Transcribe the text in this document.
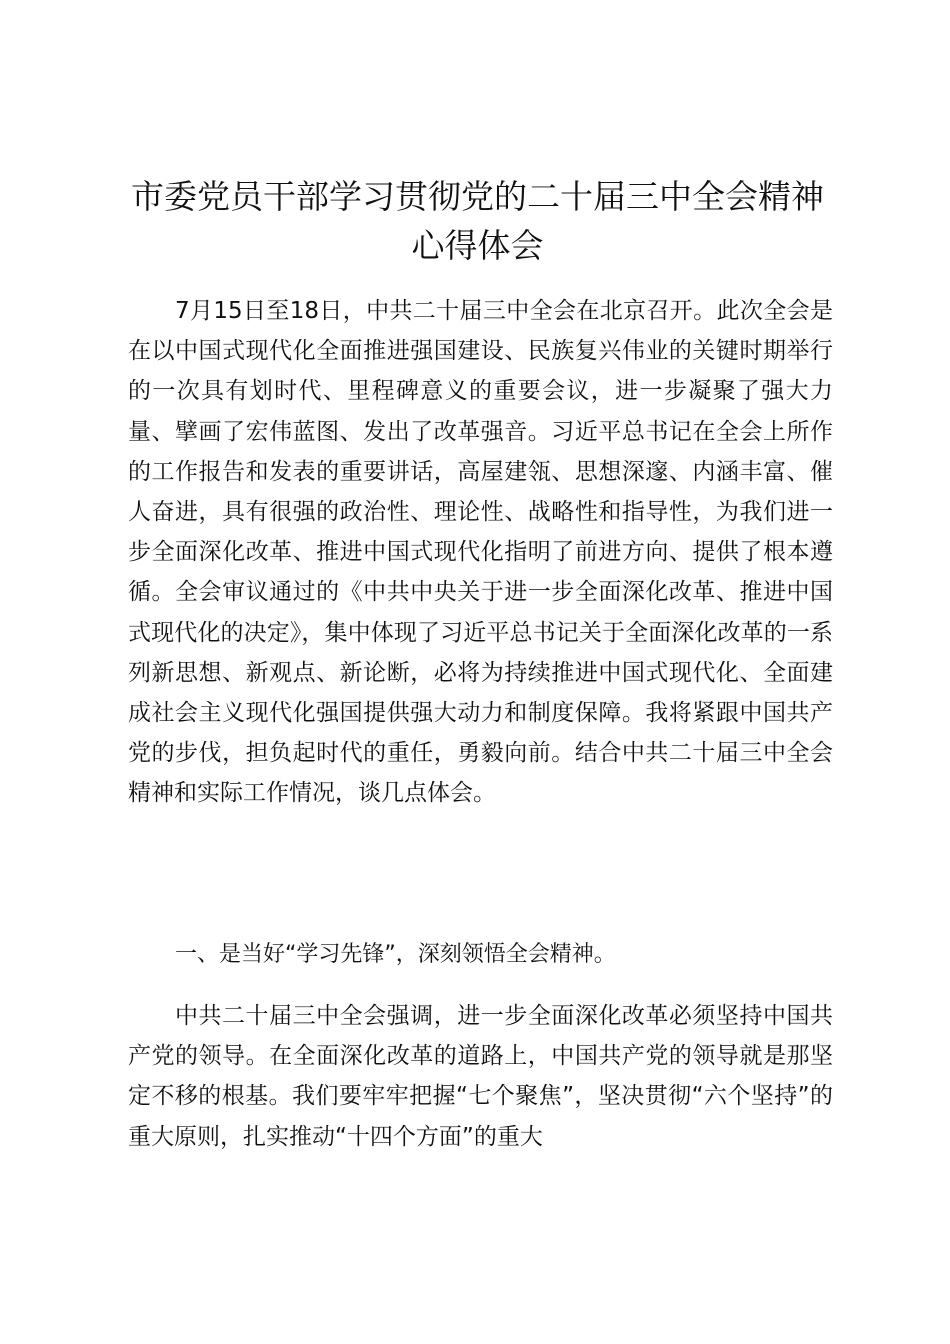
市委党员干部学习贯彻党的二十届三中全会精神心得体会

7月15日至18日，中共二十届三中全会在北京召开。此次全会是在以中国式现代化全面推进强国建设、民族复兴伟业的关键时期举行的一次具有划时代、里程碑意义的重要会议，进一步凝聚了强大力量、擘画了宏伟蓝图、发出了改革强音。习近平总书记在全会上所作的工作报告和发表的重要讲话，高屋建瓴、思想深邃、内涵丰富、催人奋进，具有很强的政治性、理论性、战略性和指导性，为我们进一步全面深化改革、推进中国式现代化指明了前进方向、提供了根本遵循。全会审议通过的《中共中央关于进一步全面深化改革、推进中国式现代化的决定》，集中体现了习近平总书记关于全面深化改革的一系列新思想、新观点、新论断，必将为持续推进中国式现代化、全面建成社会主义现代化强国提供强大动力和制度保障。我将紧跟中国共产党的步伐，担负起时代的重任，勇毅向前。结合中共二十届三中全会精神和实际工作情况，谈几点体会。

一、是当好“学习先锋”，深刻领悟全会精神。

中共二十届三中全会强调，进一步全面深化改革必须坚持中国共产党的领导。在全面深化改革的道路上，中国共产党的领导就是那坚定不移的根基。我们要牢牢把握“七个聚焦”，坚决贯彻“六个坚持”的重大原则，扎实推动“十四个方面”的重大
